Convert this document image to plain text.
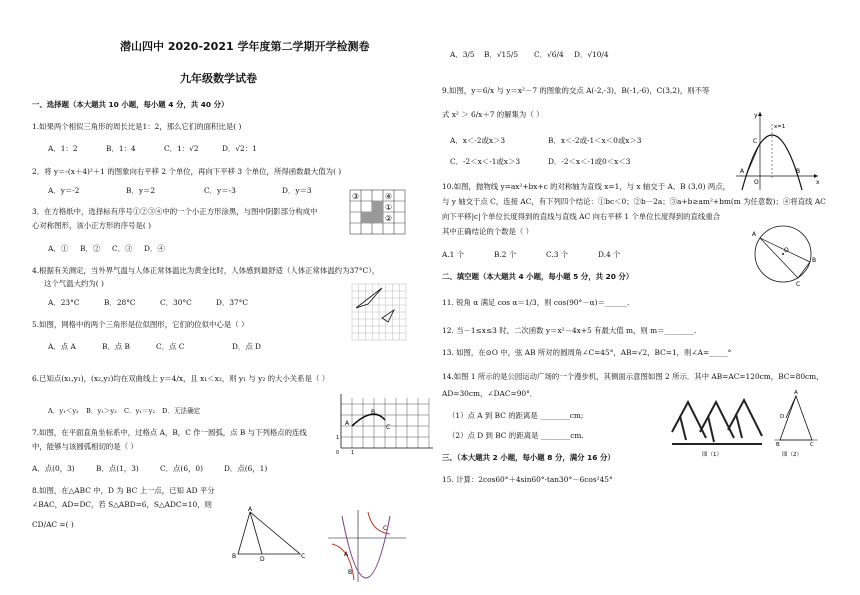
潜山四中 2020-2021 学年度第二学期开学检测卷
九年级数学试卷
一、选择题（本大题共 10 小题，每小题 4 分，共 40 分）
1.如果两个相似三角形的周长比是1：2，那么它们的面积比是( )
A．1：2	B．1：4	C．1：√2	D．√2：1
2．将 y＝-(x＋4)²＋1 的图象向右平移 2 个单位，再向下平移 3 个单位，所得函数最大值为( )
A．y＝-2	B．y＝2	C．y＝-3	D．y＝3
3．在方格纸中，选择标有序号①②③④中的一个小正方形涂黑，与图中阴影部分构成中
心对称图形，该小正方形的序号是( )
A．① B．② C．③ D．④
4.根据有关测定，当外界气温与人体正常体温比为黄金比时，人体感到最舒适（人体正常体温约为37°C），
这个气温大约为( )
A．23°C	B．28°C	C．30°C	D．37°C
5.如图，网格中的两个三角形是位似图形，它们的位似中心是（ ）
A．点 A	B．点 B	C．点 C	D．点 D
6.已知点(x₁,y₁)，(x₂,y₂)均在双曲线上 y＝4/x，且 x₁＜x₂，则 y₁ 与 y₂ 的大小关系是（ ）
A．y₁＜y₂ B．y₁＞y₂ C．y₁＝y₂ D．无法确定
7.如图，在平面直角坐标系中，过格点 A，B，C 作一圆弧，点 B 与下列格点的连线
中，能够与该圆弧相切的是（ ）
A．点(0，3)	B．点(1，3)	C．点(6，0)	D．点(6，1)
8.如图，在△ABC 中，D 为 BC 上一点，已知 AD 平分
∠BAC，AD=DC，若 S△ABD=6，S△ADC=10，则
CD/AC =( )
③	④
①
②
A
B
C
0 1
1
A
B	D	C
C
A
B
A．3/5 B．√15/5 C．√6/4 D．√10/4
9.如图，y＝6/x 与 y＝x²－7 的图象的交点 A(-2,-3)，B(-1,-6)，C(3,2)，则不等
式 x² ＞ 6/x＋7 的解集为（ ）
A．x＜-2或x＞3	B．x＜-2或-1＜x＜0或x＞3
C．-2＜x＜-1或x＞3	D．-2＜x＜-1或0＜x＜3
10.如图，抛物线 y=ax²+bx+c 的对称轴为直线 x=1，与 x 轴交于 A、B (3,0) 两点，
与 y 轴交于点 C，连接 AC，有下列四个结论：①bc＜0；②b－2a；③a+b≥am²+bm(m 为任意数)；④将直线 AC
向下平移|c|个单位长度得到的直线与直线 AC 向右平移 1 个单位长度得到的直线重合
其中正确结论的个数是（ ）
A.1 个	B.2 个	C.3 个	D.4 个
二、填空题（本大题共 4 小题，每小题 5 分，共 20 分）
11. 锐角 α 满足 cos α＝1/3，则 cos(90°－α)＝______.
12. 当－1≤x≤3 时，二次函数 y＝x²－4x+5 有最大值 m，则 m＝________.
13. 如图，在⊙O 中，弦 AB 所对的圆周角∠C=45°，AB=√2，BC=1，则∠A=_____°
14.如图 1 所示的是公园运动广场的一个漫步机，其侧面示意图如图 2 所示．其中 AB=AC=120cm，BC=80cm，
AD=30cm，∠DAC=90°．
（1）点 A 到 BC 的距离是 ________cm;
（2）点 D 到 BC 的距离是 ________cm.
三、（本大题共 2 小题，每小题 8 分，满分 16 分）
15. 计算：2cos60°＋4sin60°·tan30°－6cos²45°
y
x=1
C
A
O
B
x
O
A
B
C
图（1）
A
B	C
D
图（2）
